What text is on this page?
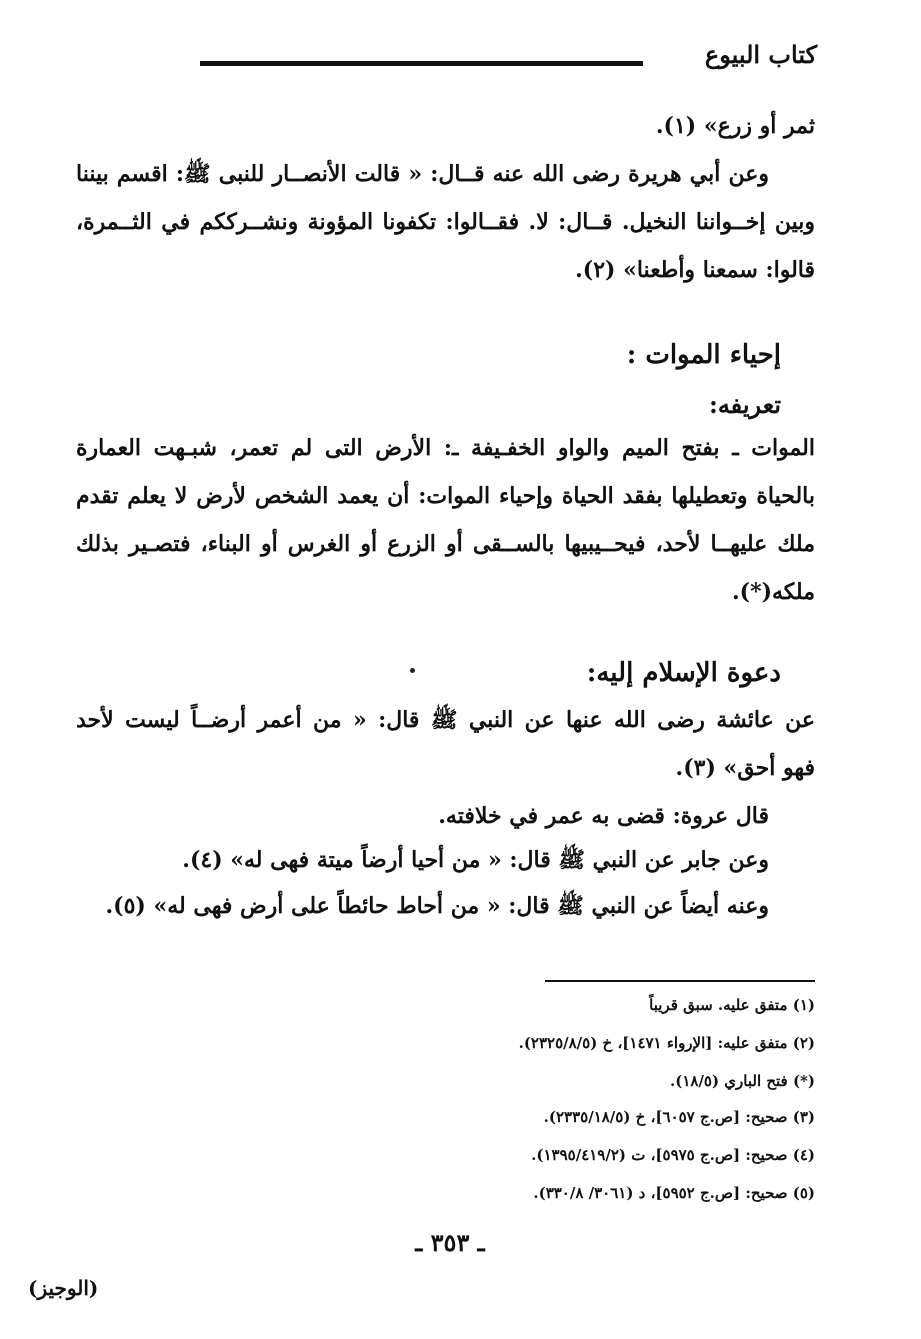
كتاب البيوع
ثمر أو زرع» (١).
وعن أبي هريرة رضى الله عنه قــال: « قالت الأنصــار للنبى ﷺ: اقسم بيننا
وبين إخــواننا النخيل. قــال: لا. فقــالوا: تكفونا المؤونة ونشــرككم في الثــمرة،
قالوا: سمعنا وأطعنا» (٢).
إحياء الموات :
تعريفه:
الموات ـ بفتح الميم والواو الخفـيفة ـ: الأرض التى لم تعمر، شبـهت العمارة
بالحياة وتعطيلها بفقد الحياة وإحياء الموات: أن يعمد الشخص لأرض لا يعلم تقدم
ملك عليهــا لأحد، فيحــيبيها بالســقى أو الزرع أو الغرس أو البناء، فتصـير بذلك
ملكه(*).
دعوة الإسلام إليه:
عن عائشة رضى الله عنها عن النبي ﷺ قال: « من أعمر أرضــاً ليست لأحد
فهو أحق» (٣).
قال عروة: قضى به عمر في خلافته.
وعن جابر عن النبي ﷺ قال: « من أحيا أرضاً ميتة فهى له» (٤).
وعنه أيضاً عن النبي ﷺ قال: « من أحاط حائطاً على أرض فهى له» (٥).
(١) متفق عليه. سبق قريباً
(٢) متفق عليه: [الإرواء ١٤٧١]، خ (٢٣٢٥/٨/٥).
(*) فتح الباري (١٨/٥).
(٣) صحيح: [ص.ج ٦٠٥٧]، خ (٢٣٣٥/١٨/٥).
(٤) صحيح: [ص.ج ٥٩٧٥]، ت (١٣٩٥/٤١٩/٢).
(٥) صحيح: [ص.ج ٥٩٥٢]، د (٣٠٦١/ ٣٣٠/٨).
ـ ٣٥٣ ـ
(الوجيز)
